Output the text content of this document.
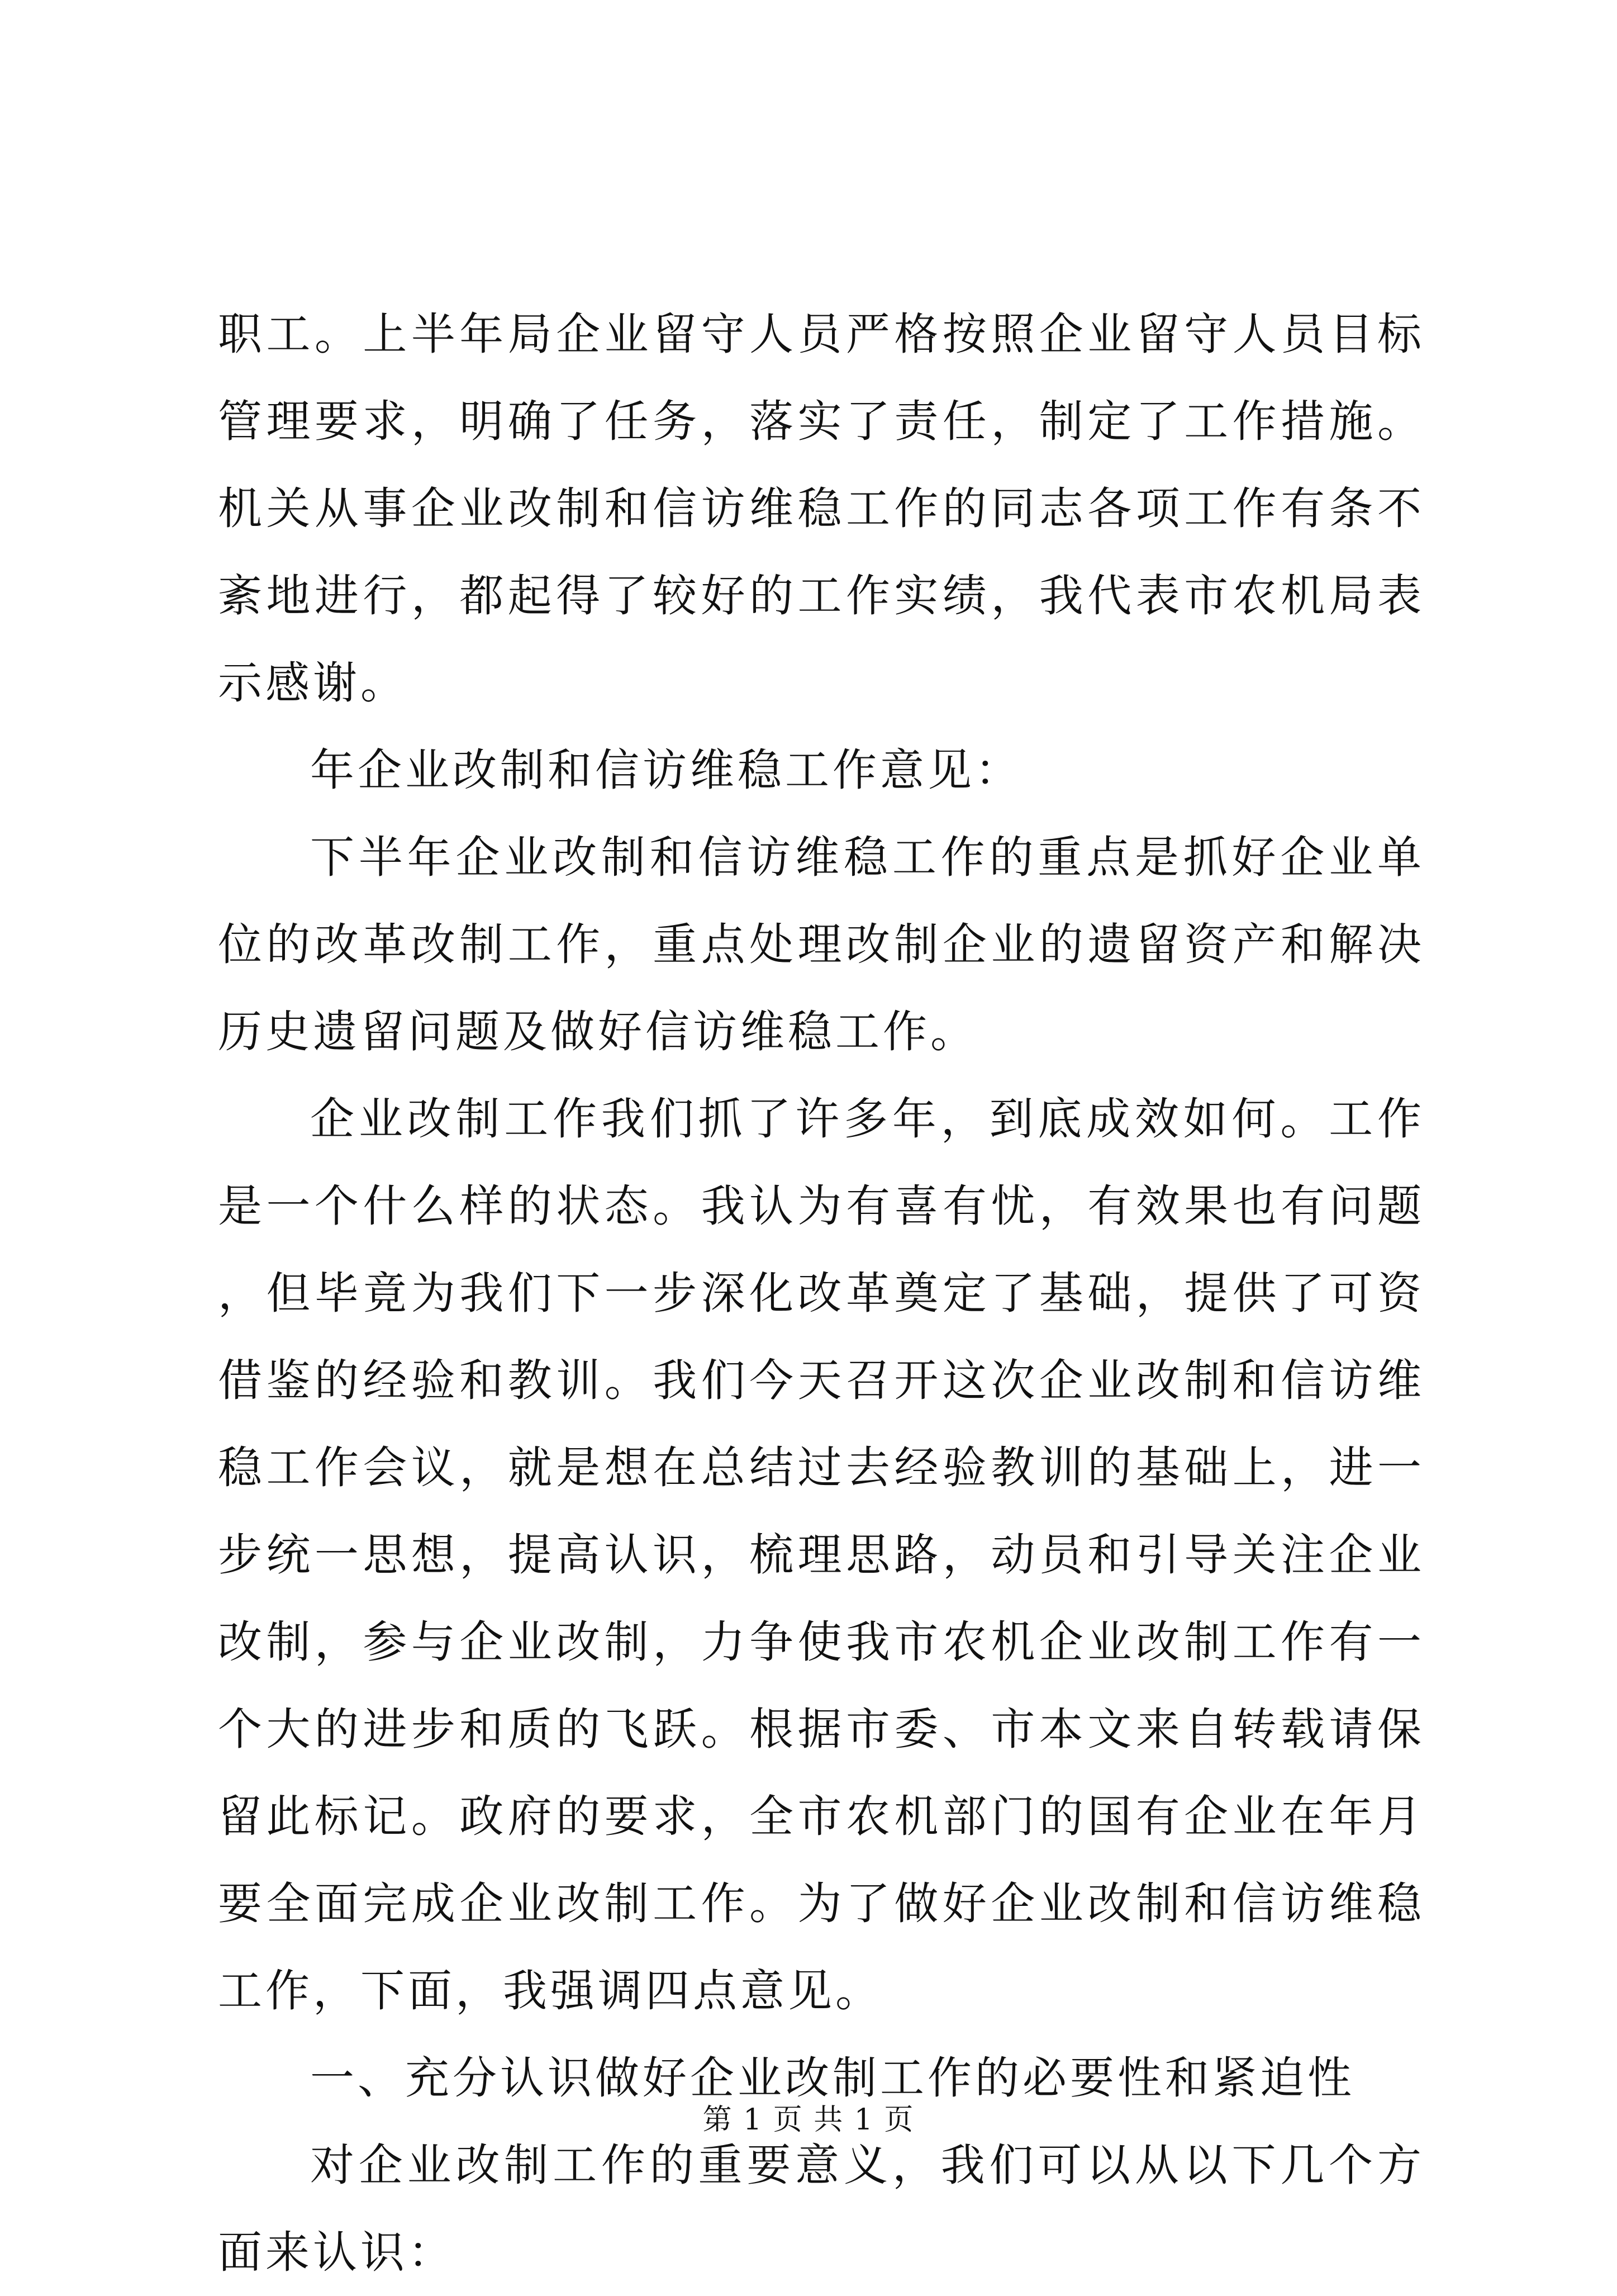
职工。上半年局企业留守人员严格按照企业留守人员目标管理要求，明确了任务，落实了责任，制定了工作措施。机关从事企业改制和信访维稳工作的同志各项工作有条不紊地进行，都起得了较好的工作实绩，我代表市农机局表示感谢。

年企业改制和信访维稳工作意见：

下半年企业改制和信访维稳工作的重点是抓好企业单位的改革改制工作，重点处理改制企业的遗留资产和解决历史遗留问题及做好信访维稳工作。

企业改制工作我们抓了许多年，到底成效如何。工作是一个什么样的状态。我认为有喜有忧，有效果也有问题，但毕竟为我们下一步深化改革奠定了基础，提供了可资借鉴的经验和教训。我们今天召开这次企业改制和信访维稳工作会议，就是想在总结过去经验教训的基础上，进一步统一思想，提高认识，梳理思路，动员和引导关注企业改制，参与企业改制，力争使我市农机企业改制工作有一个大的进步和质的飞跃。根据市委、市本文来自转载请保留此标记。政府的要求，全市农机部门的国有企业在年月要全面完成企业改制工作。为了做好企业改制和信访维稳工作，下面，我强调四点意见。

一、充分认识做好企业改制工作的必要性和紧迫性

对企业改制工作的重要意义，我们可以从以下几个方面来认识：

第 1 页 共 1 页
